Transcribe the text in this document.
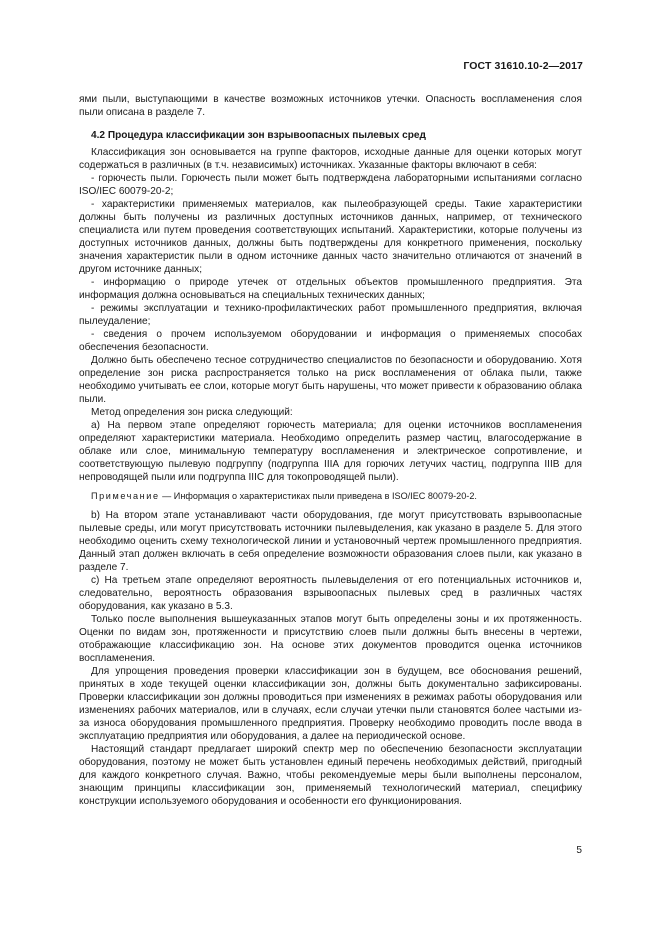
ГОСТ 31610.10-2—2017

ями пыли, выступающими в качестве возможных источников утечки. Опасность воспламенения слоя пыли описана в разделе 7.

4.2 Процедура классификации зон взрывоопасных пылевых сред

Классификация зон основывается на группе факторов, исходные данные для оценки которых могут содержаться в различных (в т.ч. независимых) источниках. Указанные факторы включают в себя:

- горючесть пыли. Горючесть пыли может быть подтверждена лабораторными испытаниями согласно ISO/IEC 60079-20-2;

- характеристики применяемых материалов, как пылеобразующей среды. Такие характеристики должны быть получены из различных доступных источников данных, например, от технического специалиста или путем проведения соответствующих испытаний. Характеристики, которые получены из доступных источников данных, должны быть подтверждены для конкретного применения, поскольку значения характеристик пыли в одном источнике данных часто значительно отличаются от значений в другом источнике данных;

- информацию о природе утечек от отдельных объектов промышленного предприятия. Эта информация должна основываться на специальных технических данных;

- режимы эксплуатации и технико-профилактических работ промышленного предприятия, включая пылеудаление;

- сведения о прочем используемом оборудовании и информация о применяемых способах обеспечения безопасности.

Должно быть обеспечено тесное сотрудничество специалистов по безопасности и оборудованию. Хотя определение зон риска распространяется только на риск воспламенения от облака пыли, также необходимо учитывать ее слои, которые могут быть нарушены, что может привести к образованию облака пыли.

Метод определения зон риска следующий:

а) На первом этапе определяют горючесть материала; для оценки источников воспламенения определяют характеристики материала. Необходимо определить размер частиц, влагосодержание в облаке или слое, минимальную температуру воспламенения и электрическое сопротивление, и соответствующую пылевую подгруппу (подгруппа IIIA для горючих летучих частиц, подгруппа IIIB для непроводящей пыли или подгруппа IIIC для токопроводящей пыли).

Примечание — Информация о характеристиках пыли приведена в ISO/IEC 80079-20-2.

b) На втором этапе устанавливают части оборудования, где могут присутствовать взрывоопасные пылевые среды, или могут присутствовать источники пылевыделения, как указано в разделе 5. Для этого необходимо оценить схему технологической линии и установочный чертеж промышленного предприятия. Данный этап должен включать в себя определение возможности образования слоев пыли, как указано в разделе 7.

с) На третьем этапе определяют вероятность пылевыделения от его потенциальных источников и, следовательно, вероятность образования взрывоопасных пылевых сред в различных частях оборудования, как указано в 5.3.

Только после выполнения вышеуказанных этапов могут быть определены зоны и их протяженность. Оценки по видам зон, протяженности и присутствию слоев пыли должны быть внесены в чертежи, отображающие классификацию зон. На основе этих документов проводится оценка источников воспламенения.

Для упрощения проведения проверки классификации зон в будущем, все обоснования решений, принятых в ходе текущей оценки классификации зон, должны быть документально зафиксированы. Проверки классификации зон должны проводиться при изменениях в режимах работы оборудования или изменениях рабочих материалов, или в случаях, если случаи утечки пыли становятся более частыми из-за износа оборудования промышленного предприятия. Проверку необходимо проводить после ввода в эксплуатацию предприятия или оборудования, а далее на периодической основе.

Настоящий стандарт предлагает широкий спектр мер по обеспечению безопасности эксплуатации оборудования, поэтому не может быть установлен единый перечень необходимых действий, пригодный для каждого конкретного случая. Важно, чтобы рекомендуемые меры были выполнены персоналом, знающим принципы классификации зон, применяемый технологический материал, специфику конструкции используемого оборудования и особенности его функционирования.

5
